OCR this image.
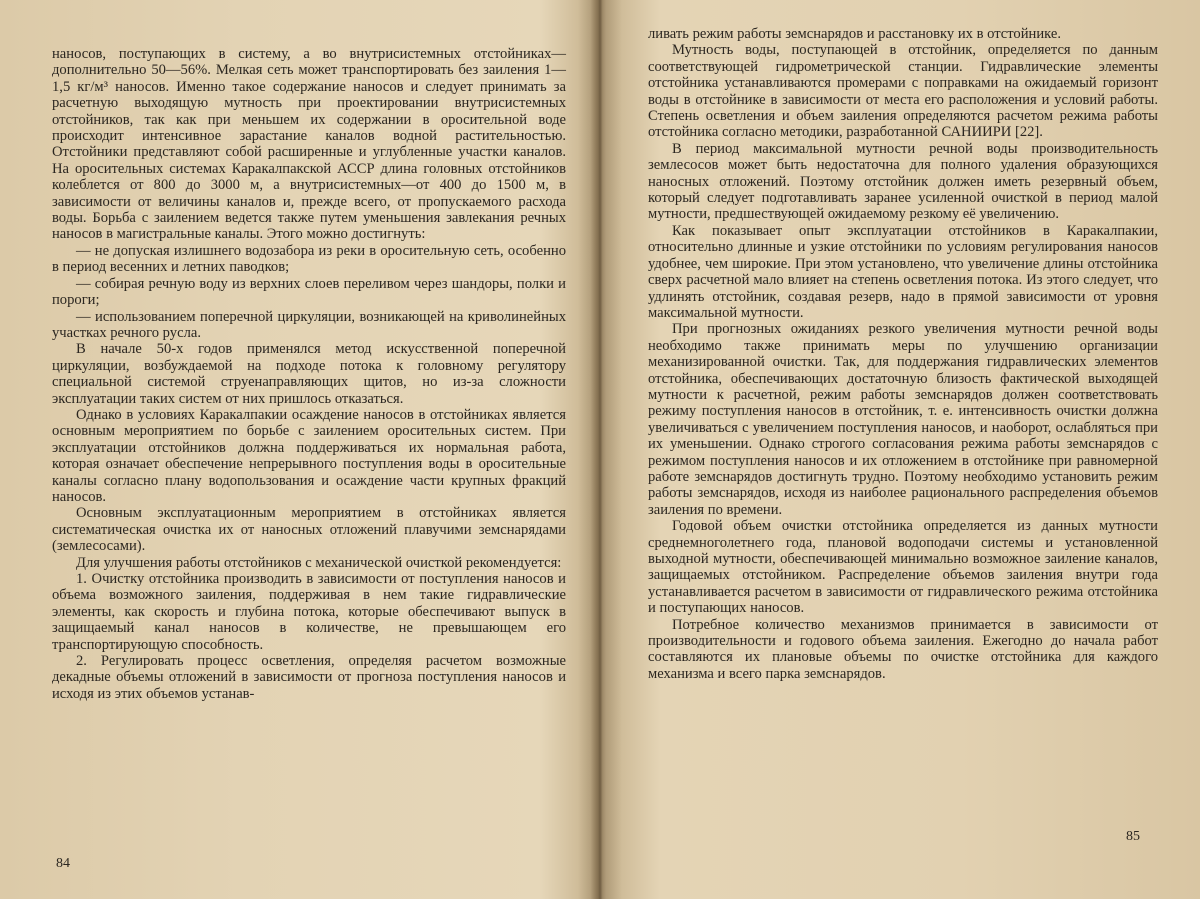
наносов, поступающих в систему, а во внутрисистемных отстойниках—дополнительно 50—56%. Мелкая сеть может транспортировать без заиления 1—1,5 кг/м³ наносов. Именно такое содержание наносов и следует принимать за расчетную выходящую мутность при проектировании внутрисистемных отстойников, так как при меньшем их содержании в оросительной воде происходит интенсивное зарастание каналов водной растительностью. Отстойники представляют собой расширенные и углубленные участки каналов. На оросительных системах Каракалпакской АССР длина головных отстойников колеблется от 800 до 3000 м, а внутрисистемных—от 400 до 1500 м, в зависимости от величины каналов и, прежде всего, от пропускаемого расхода воды. Борьба с заилением ведется также путем уменьшения завлекания речных наносов в магистральные каналы. Этого можно достигнуть:

— не допуская излишнего водозабора из реки в оросительную сеть, особенно в период весенних и летних паводков;

— собирая речную воду из верхних слоев переливом через шандоры, полки и пороги;

— использованием поперечной циркуляции, возникающей на криволинейных участках речного русла.

В начале 50-х годов применялся метод искусственной поперечной циркуляции, возбуждаемой на подходе потока к головному регулятору специальной системой струенаправляющих щитов, но из-за сложности эксплуатации таких систем от них пришлось отказаться.

Однако в условиях Каракалпакии осаждение наносов в отстойниках является основным мероприятием по борьбе с заилением оросительных систем. При эксплуатации отстойников должна поддерживаться их нормальная работа, которая означает обеспечение непрерывного поступления воды в оросительные каналы согласно плану водопользования и осаждение части крупных фракций наносов.

Основным эксплуатационным мероприятием в отстойниках является систематическая очистка их от наносных отложений плавучими земснарядами (землесосами).

Для улучшения работы отстойников с механической очисткой рекомендуется:

1. Очистку отстойника производить в зависимости от поступления наносов и объема возможного заиления, поддерживая в нем такие гидравлические элементы, как скорость и глубина потока, которые обеспечивают выпуск в защищаемый канал наносов в количестве, не превышающем его транспортирующую способность.

2. Регулировать процесс осветления, определяя расчетом возможные декадные объемы отложений в зависимости от прогноза поступления наносов и исходя из этих объемов устанав-

84

ливать режим работы земснарядов и расстановку их в отстойнике.

Мутность воды, поступающей в отстойник, определяется по данным соответствующей гидрометрической станции. Гидравлические элементы отстойника устанавливаются промерами с поправками на ожидаемый горизонт воды в отстойнике в зависимости от места его расположения и условий работы. Степень осветления и объем заиления определяются расчетом режима работы отстойника согласно методики, разработанной САНИИРИ [22].

В период максимальной мутности речной воды производительность землесосов может быть недостаточна для полного удаления образующихся наносных отложений. Поэтому отстойник должен иметь резервный объем, который следует подготавливать заранее усиленной очисткой в период малой мутности, предшествующей ожидаемому резкому её увеличению.

Как показывает опыт эксплуатации отстойников в Каракалпакии, относительно длинные и узкие отстойники по условиям регулирования наносов удобнее, чем широкие. При этом установлено, что увеличение длины отстойника сверх расчетной мало влияет на степень осветления потока. Из этого следует, что удлинять отстойник, создавая резерв, надо в прямой зависимости от уровня максимальной мутности.

При прогнозных ожиданиях резкого увеличения мутности речной воды необходимо также принимать меры по улучшению организации механизированной очистки. Так, для поддержания гидравлических элементов отстойника, обеспечивающих достаточную близость фактической выходящей мутности к расчетной, режим работы земснарядов должен соответствовать режиму поступления наносов в отстойник, т. е. интенсивность очистки должна увеличиваться с увеличением поступления наносов, и наоборот, ослабляться при их уменьшении. Однако строгого согласования режима работы земснарядов с режимом поступления наносов и их отложением в отстойнике при равномерной работе земснарядов достигнуть трудно. Поэтому необходимо установить режим работы земснарядов, исходя из наиболее рационального распределения объемов заиления по времени.

Годовой объем очистки отстойника определяется из данных мутности среднемноголетнего года, плановой водоподачи системы и установленной выходной мутности, обеспечивающей минимально возможное заиление каналов, защищаемых отстойником. Распределение объемов заиления внутри года устанавливается расчетом в зависимости от гидравлического режима отстойника и поступающих наносов.

Потребное количество механизмов принимается в зависимости от производительности и годового объема заиления. Ежегодно до начала работ составляются их плановые объемы по очистке отстойника для каждого механизма и всего парка земснарядов.

85
